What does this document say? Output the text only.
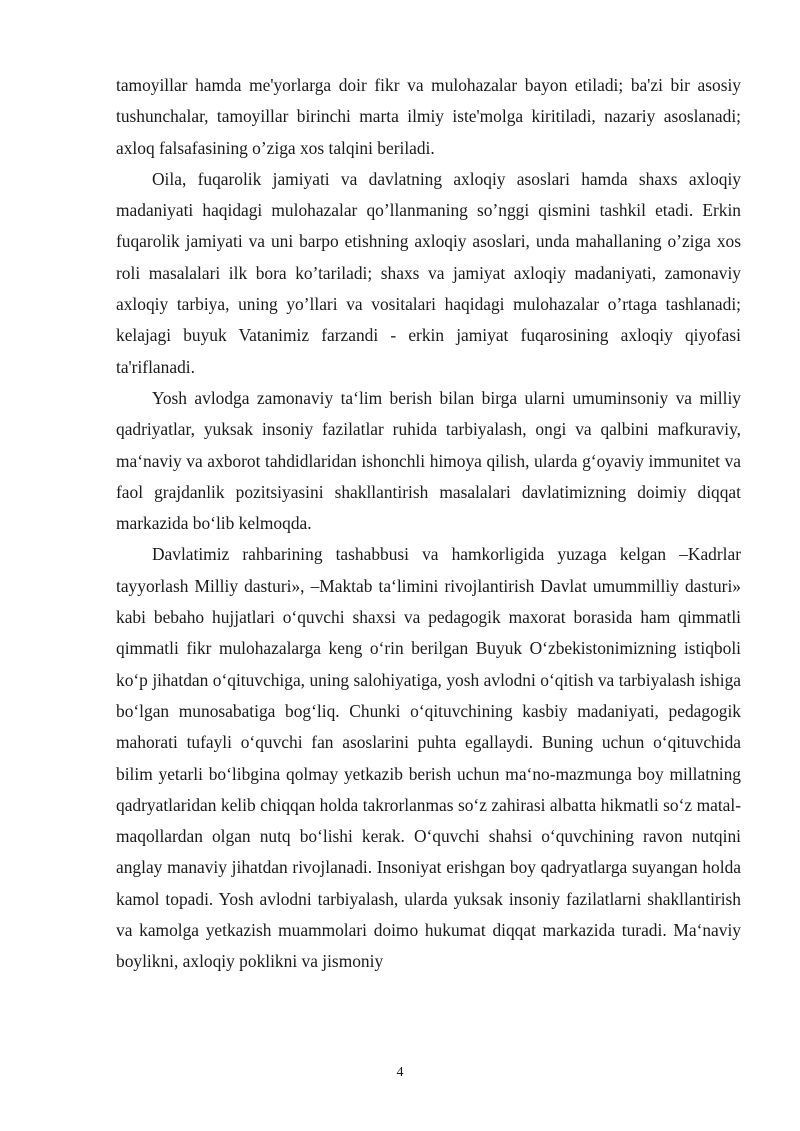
tamoyillar hamda me'yorlarga doir fikr va mulohazalar bayon etiladi; ba'zi bir asosiy tushunchalar, tamoyillar birinchi marta ilmiy iste'molga kiritiladi, nazariy asoslanadi; axloq falsafasining o’ziga xos talqini beriladi.

Oila, fuqarolik jamiyati va davlatning axloqiy asoslari hamda shaxs axloqiy madaniyati haqidagi mulohazalar qo’llanmaning so’nggi qismini tashkil etadi. Erkin fuqarolik jamiyati va uni barpo etishning axloqiy asoslari, unda mahallaning o’ziga xos roli masalalari ilk bora ko’tariladi; shaxs va jamiyat axloqiy madaniyati, zamonaviy axloqiy tarbiya, uning yo’llari va vositalari haqidagi mulohazalar o’rtaga tashlanadi; kelajagi buyuk Vatanimiz farzandi - erkin jamiyat fuqarosining axloqiy qiyofasi ta'riflanadi.

Yosh avlodga zamonaviy ta‘lim berish bilan birga ularni umuminsoniy va milliy qadriyatlar, yuksak insoniy fazilatlar ruhida tarbiyalash, ongi va qalbini mafkuraviy, ma‘naviy va axborot tahdidlaridan ishonchli himoya qilish, ularda g‘oyaviy immunitet va faol grajdanlik pozitsiyasini shakllantirish masalalari davlatimizning doimiy diqqat markazida bo‘lib kelmoqda.

Davlatimiz rahbarining tashabbusi va hamkorligida yuzaga kelgan –Kadrlar tayyorlash Milliy dasturi», –Maktab ta‘limini rivojlantirish Davlat umummilliy dasturi» kabi bebaho hujjatlari o‘quvchi shaxsi va pedagogik maxorat borasida ham qimmatli qimmatli fikr mulohazalarga keng o‘rin berilgan Buyuk O‘zbekistonimizning istiqboli ko‘p jihatdan o‘qituvchiga, uning salohiyatiga, yosh avlodni o‘qitish va tarbiyalash ishiga bo‘lgan munosabatiga bog‘liq. Chunki o‘qituvchining kasbiy madaniyati, pedagogik mahorati tufayli o‘quvchi fan asoslarini puhta egallaydi. Buning uchun o‘qituvchida bilim yetarli bo‘libgina qolmay yetkazib berish uchun ma‘no-mazmunga boy millatning qadryatlaridan kelib chiqqan holda takrorlanmas so‘z zahirasi albatta hikmatli so‘z matal-maqollardan olgan nutq bo‘lishi kerak. O‘quvchi shahsi o‘quvchining ravon nutqini anglay manaviy jihatdan rivojlanadi. Insoniyat erishgan boy qadryatlarga suyangan holda kamol topadi. Yosh avlodni tarbiyalash, ularda yuksak insoniy fazilatlarni shakllantirish va kamolga yetkazish muammolari doimo hukumat diqqat markazida turadi. Ma‘naviy boylikni, axloqiy poklikni va jismoniy

4
